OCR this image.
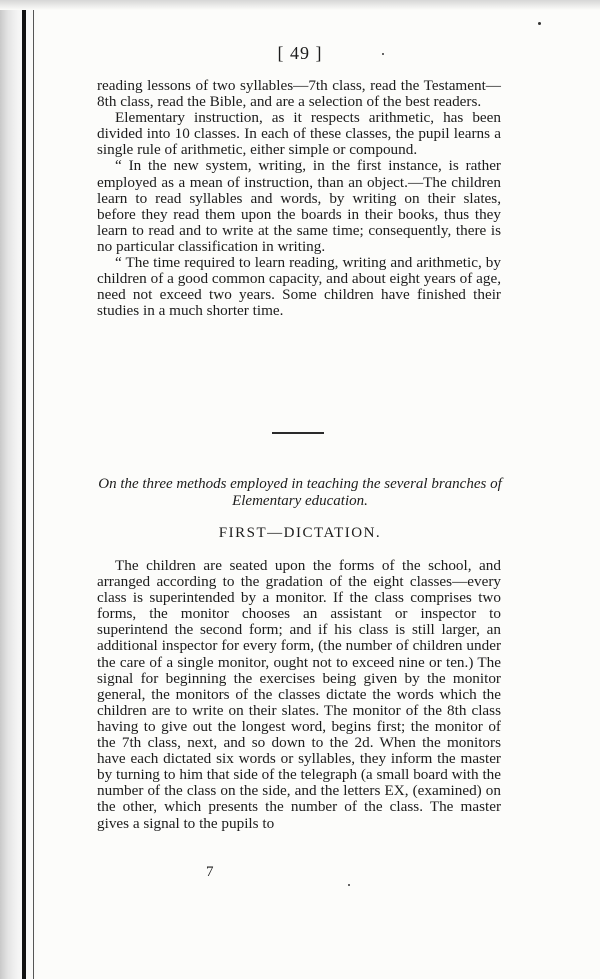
[ 49 ]

reading lessons of two syllables—7th class, read the Testament—8th class, read the Bible, and are a selection of the best readers.

Elementary instruction, as it respects arithmetic, has been divided into 10 classes. In each of these classes, the pupil learns a single rule of arithmetic, either simple or compound.

“ In the new system, writing, in the first instance, is rather employed as a mean of instruction, than an object.—The children learn to read syllables and words, by writing on their slates, before they read them upon the boards in their books, thus they learn to read and to write at the same time; consequently, there is no particular classification in writing.

“ The time required to learn reading, writing and arithmetic, by children of a good common capacity, and about eight years of age, need not exceed two years. Some children have finished their studies in a much shorter time.

On the three methods employed in teaching the several branches of Elementary education.
FIRST—DICTATION.

The children are seated upon the forms of the school, and arranged according to the gradation of the eight classes—every class is superintended by a monitor. If the class comprises two forms, the monitor chooses an assistant or inspector to superintend the second form; and if his class is still larger, an additional inspector for every form, (the number of children under the care of a single monitor, ought not to exceed nine or ten.) The signal for beginning the exercises being given by the monitor general, the monitors of the classes dictate the words which the children are to write on their slates. The monitor of the 8th class having to give out the longest word, begins first; the monitor of the 7th class, next, and so down to the 2d. When the monitors have each dictated six words or syllables, they inform the master by turning to him that side of the telegraph (a small board with the number of the class on the side, and the letters EX, (examined) on the other, which presents the number of the class. The master gives a signal to the pupils to

7
